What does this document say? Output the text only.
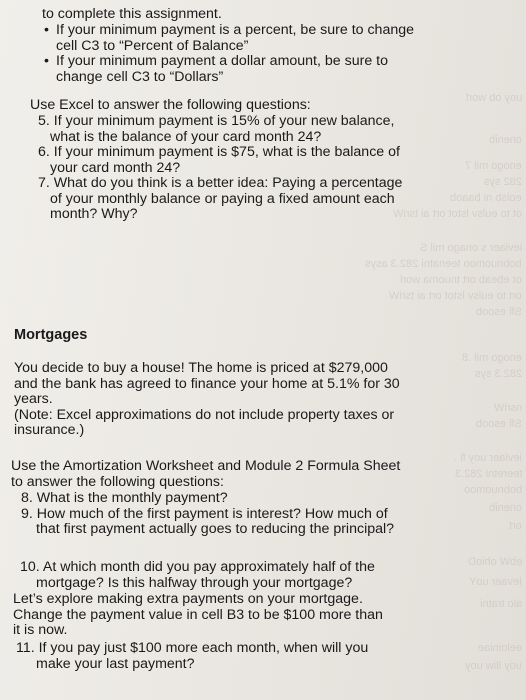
uoy ob worl
onenib
enogo mil 7
282 sys
eolsb ni baaob
ot to eulsv lstot ort ai tsriW
ieviaer s onago mil S
bobnuomoo teenatni 282.3 asys
ot ebeab ort tnuoma worl
ort to eulsv lstot ort ai tsriW
Sfi esoob
enogo mil .8
282.3 sys
nsriW
Sfi esoob
ieviaer uoy fi .
teeretni 282.3
bobnuomoo
onenib
ort
ebW ohioD
levaer uoY
alo tratni
eeloiniae
uoy lliw uoy
to complete this assignment.
• If your minimum payment is a percent, be sure to change
cell C3 to “Percent of Balance”
• If your minimum payment a dollar amount, be sure to
change cell C3 to “Dollars”
Use Excel to answer the following questions:
5. If your minimum payment is 15% of your new balance,
what is the balance of your card month 24?
6. If your minimum payment is $75, what is the balance of
your card month 24?
7. What do you think is a better idea: Paying a percentage
of your monthly balance or paying a fixed amount each
month? Why?
Mortgages
You decide to buy a house! The home is priced at $279,000
and the bank has agreed to finance your home at 5.1% for 30
years.
(Note: Excel approximations do not include property taxes or
insurance.)
Use the Amortization Worksheet and Module 2 Formula Sheet
to answer the following questions:
8. What is the monthly payment?
9. How much of the first payment is interest? How much of
that first payment actually goes to reducing the principal?
10. At which month did you pay approximately half of the
mortgage? Is this halfway through your mortgage?
Let’s explore making extra payments on your mortgage.
Change the payment value in cell B3 to be $100 more than
it is now.
11. If you pay just $100 more each month, when will you
make your last payment?
